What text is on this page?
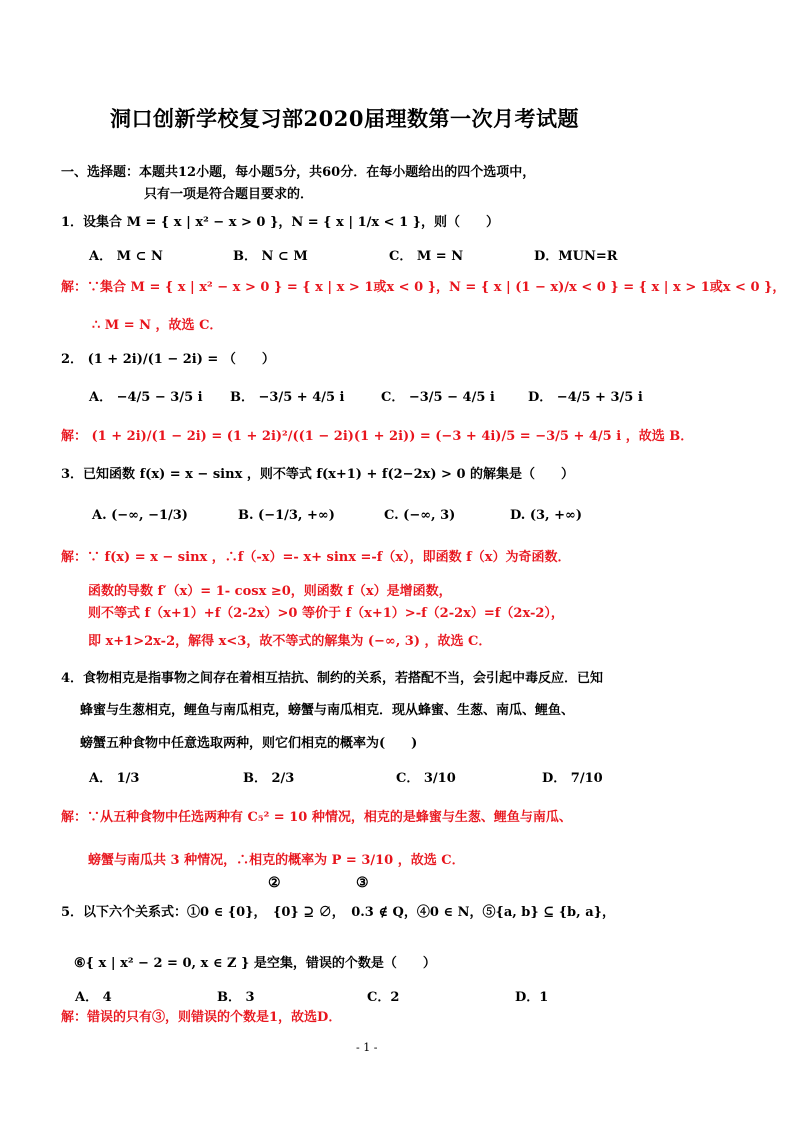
洞口创新学校复习部2020届理数第一次月考试题
一、选择题：本题共12小题，每小题5分，共60分．在每小题给出的四个选项中，
只有一项是符合题目要求的．
1．设集合 M = { x | x² − x > 0 }，N = { x | 1/x < 1 }，则（　　）
A． M ⊂ N	B． N ⊂ M	C． M = N	D．MUN=R
解：∵集合 M = { x | x² − x > 0 } = { x | x > 1或x < 0 }，N = { x | (1 − x)/x < 0 } = { x | x > 1或x < 0 }，
∴ M = N ，故选 C．
2． (1 + 2i)/(1 − 2i) = （　　）
A． −4/5 − 3/5 i B． −3/5 + 4/5 i	C． −3/5 − 4/5 i	D． −4/5 + 3/5 i
解： (1 + 2i)/(1 − 2i) = (1 + 2i)²/((1 − 2i)(1 + 2i)) = (−3 + 4i)/5 = −3/5 + 4/5 i ，故选 B．
3．已知函数 f(x) = x − sinx ，则不等式 f(x+1) + f(2−2x) > 0 的解集是（　　）
A. (−∞, −1/3)	B. (−1/3, +∞)	C. (−∞, 3)	D. (3, +∞)
解：∵ f(x) = x − sinx ，∴f（-x）=- x+ sinx =-f（x），即函数 f（x）为奇函数．
函数的导数 f′（x）= 1- cosx ≥0，则函数 f（x）是增函数，
则不等式 f（x+1）+f（2-2x）>0 等价于 f（x+1）>-f（2-2x）=f（2x-2），
即 x+1>2x-2，解得 x<3，故不等式的解集为 (−∞, 3) ，故选 C．
4．食物相克是指事物之间存在着相互拮抗、制约的关系，若搭配不当，会引起中毒反应．已知
蜂蜜与生葱相克，鲤鱼与南瓜相克，螃蟹与南瓜相克．现从蜂蜜、生葱、南瓜、鲤鱼、
螃蟹五种食物中任意选取两种，则它们相克的概率为(　　)
A． 1/3	B． 2/3	C． 3/10	D． 7/10
解：∵从五种食物中任选两种有 C₅² = 10 种情况，相克的是蜂蜜与生葱、鲤鱼与南瓜、
螃蟹与南瓜共 3 种情况，∴相克的概率为 P = 3/10 ，故选 C．
②	③
5．以下六个关系式：①0 ∈ {0}，　{0} ⊇ ∅，　0.3 ∉ Q，④0 ∈ N，⑤{a, b} ⊆ {b, a}，
⑥{ x | x² − 2 = 0, x ∈ Z } 是空集，错误的个数是（　　）
A． 4	B． 3	C．2	D．1
解：错误的只有③，则错误的个数是1，故选D．
- 1 -
